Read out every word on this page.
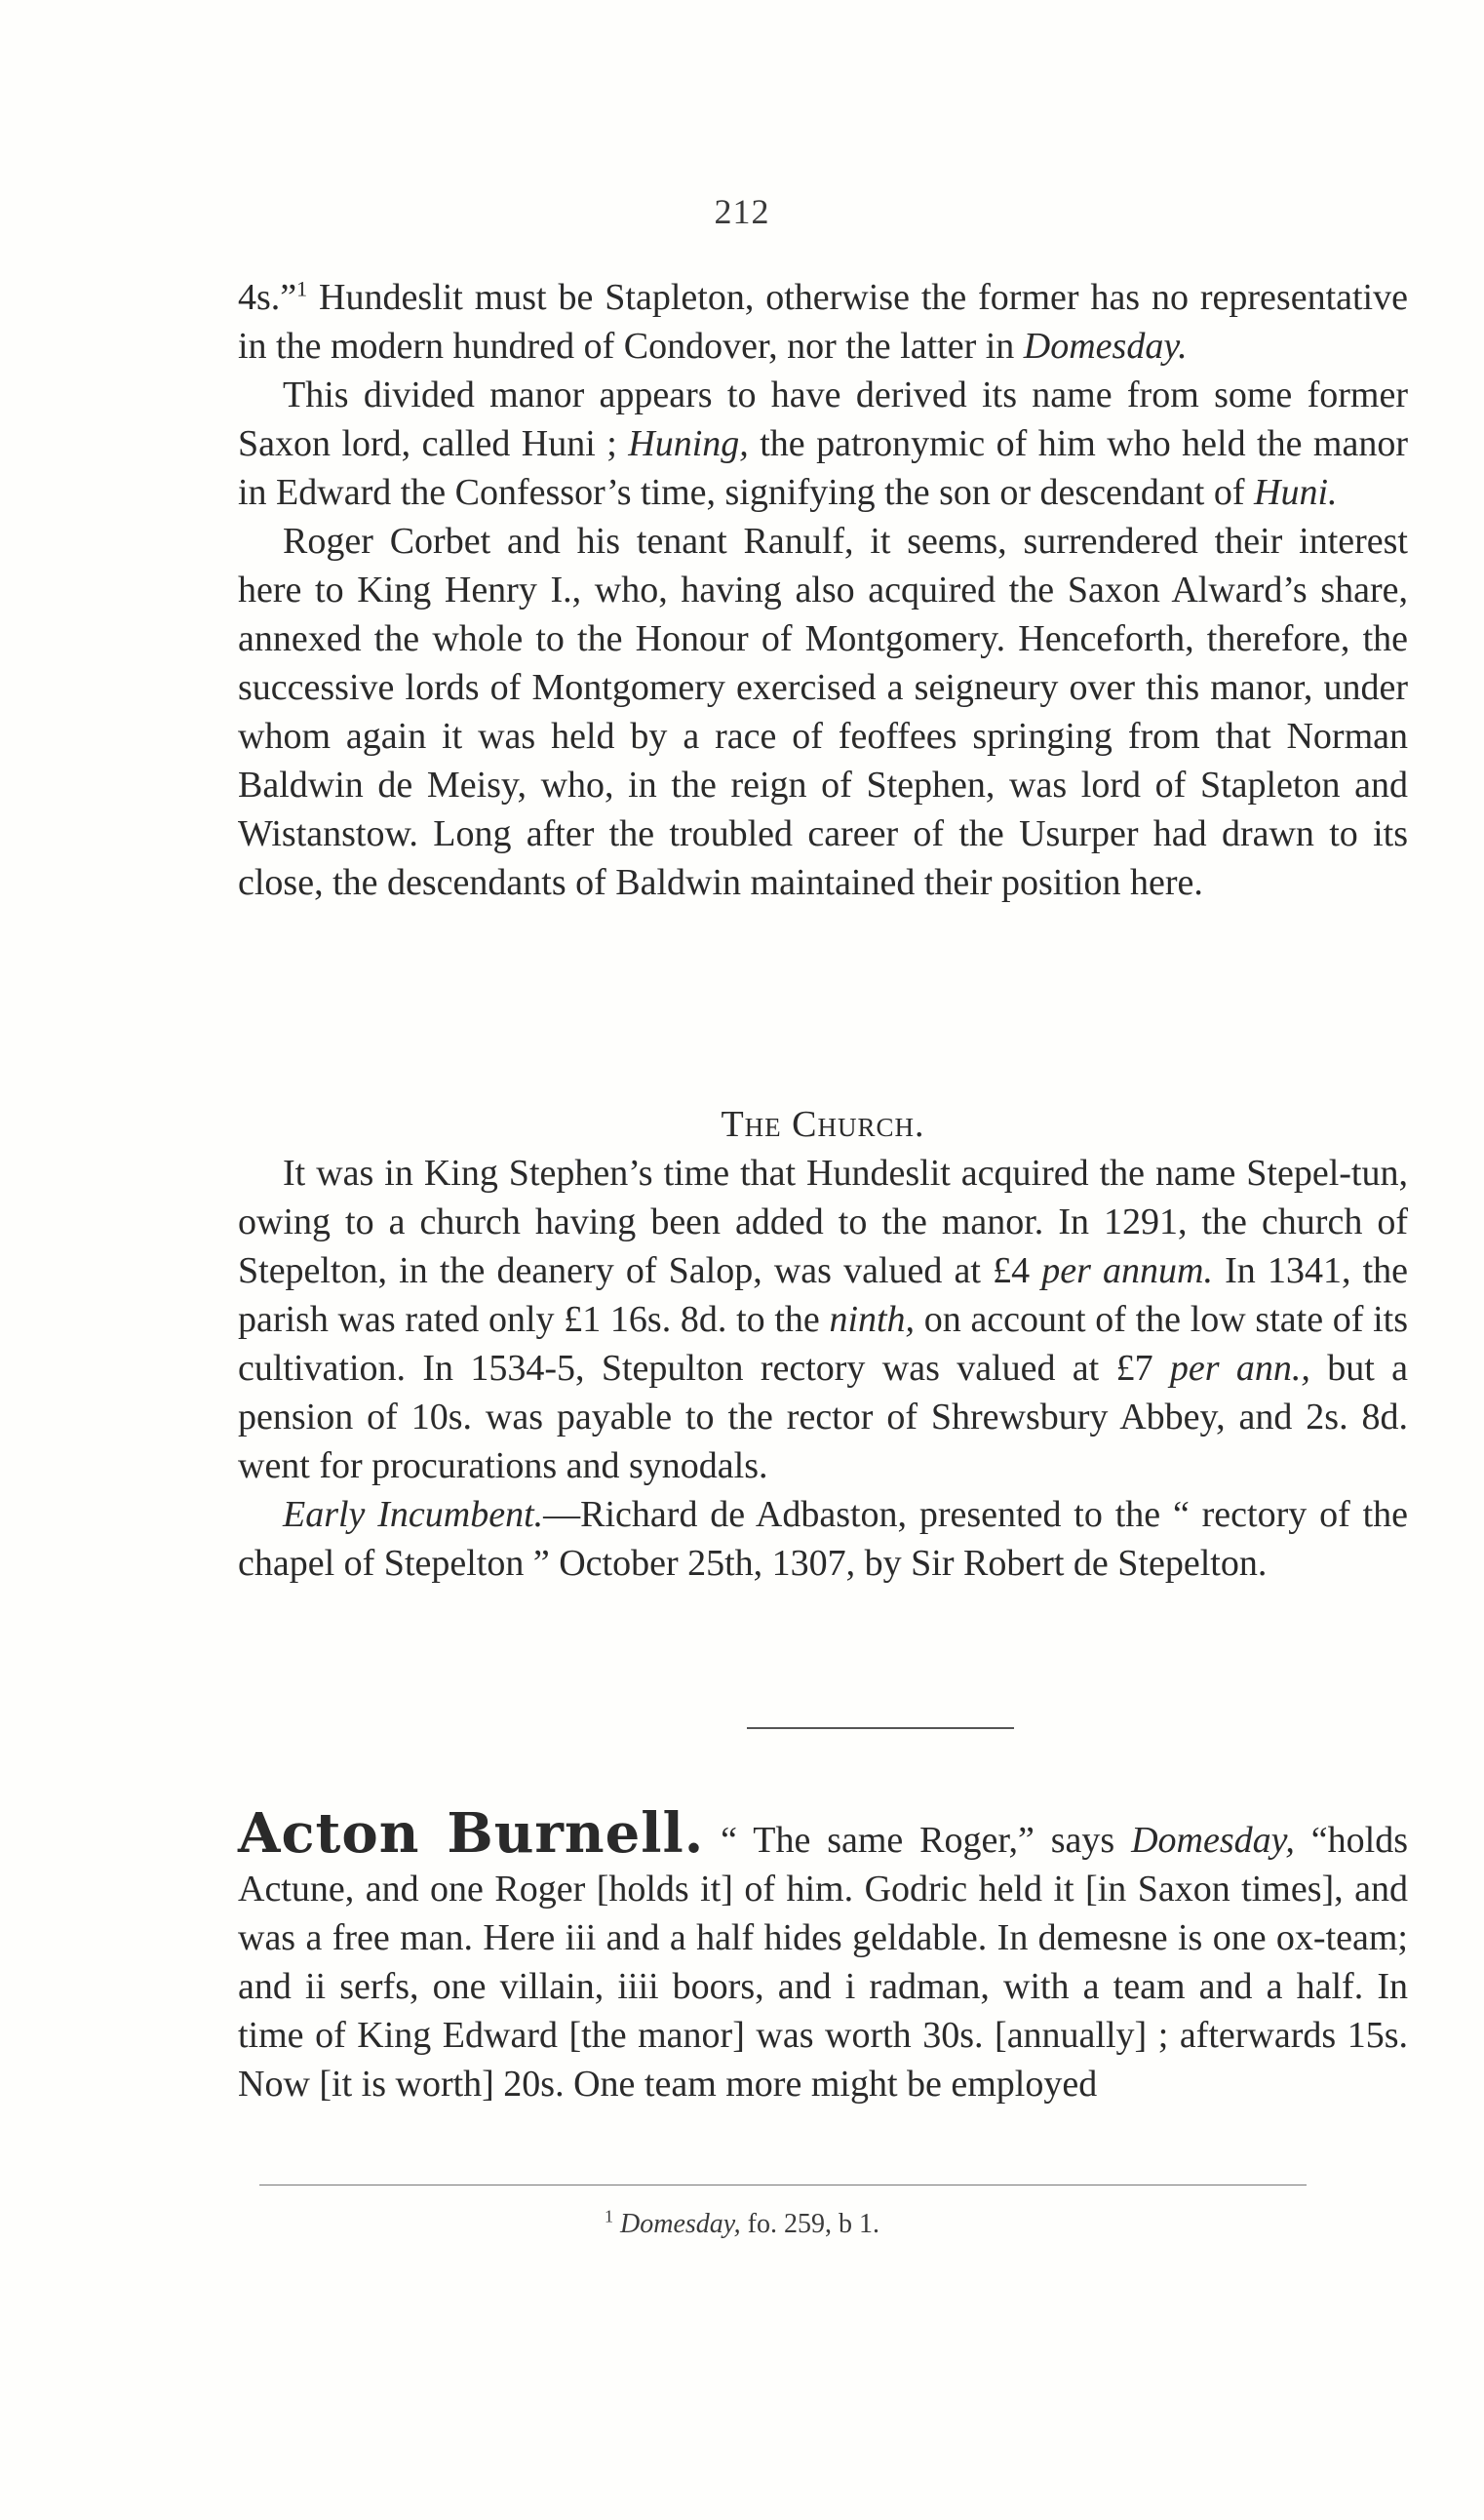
212

4s.”$^1$ Hundeslit must be Stapleton, otherwise the former has no representative in the modern hundred of Condover, nor the latter in Domesday.

This divided manor appears to have derived its name from some former Saxon lord, called Huni ; Huning, the patronymic of him who held the manor in Edward the Confessor’s time, signifying the son or descendant of Huni.

Roger Corbet and his tenant Ranulf, it seems, surrendered their interest here to King Henry I., who, having also acquired the Saxon Alward’s share, annexed the whole to the Honour of Montgomery. Henceforth, therefore, the successive lords of Montgomery exercised a seigneury over this manor, under whom again it was held by a race of feoffees springing from that Norman Baldwin de Meisy, who, in the reign of Stephen, was lord of Stapleton and Wistanstow. Long after the troubled career of the Usurper had drawn to its close, the descendants of Baldwin maintained their position here.

The Church.

It was in King Stephen’s time that Hundeslit acquired the name Stepel-tun, owing to a church having been added to the manor. In 1291, the church of Stepelton, in the deanery of Salop, was valued at £4 per annum. In 1341, the parish was rated only £1 16s. 8d. to the ninth, on account of the low state of its cultivation. In 1534-5, Stepulton rectory was valued at £7 per ann., but a pension of 10s. was payable to the rector of Shrewsbury Abbey, and 2s. 8d. went for procurations and synodals.

Early Incumbent.—Richard de Adbaston, presented to the “ rectory of the chapel of Stepelton ” October 25th, 1307, by Sir Robert de Stepelton.

Acton Burnell. “ The same Roger,” says Domesday, “holds Actune, and one Roger [holds it] of him. Godric held it [in Saxon times], and was a free man. Here iii and a half hides geldable. In demesne is one ox-team; and ii serfs, one villain, iiii boors, and i radman, with a team and a half. In time of King Edward [the manor] was worth 30s. [annually] ; afterwards 15s. Now [it is worth] 20s. One team more might be employed

$^1$ Domesday, fo. 259, b 1.
